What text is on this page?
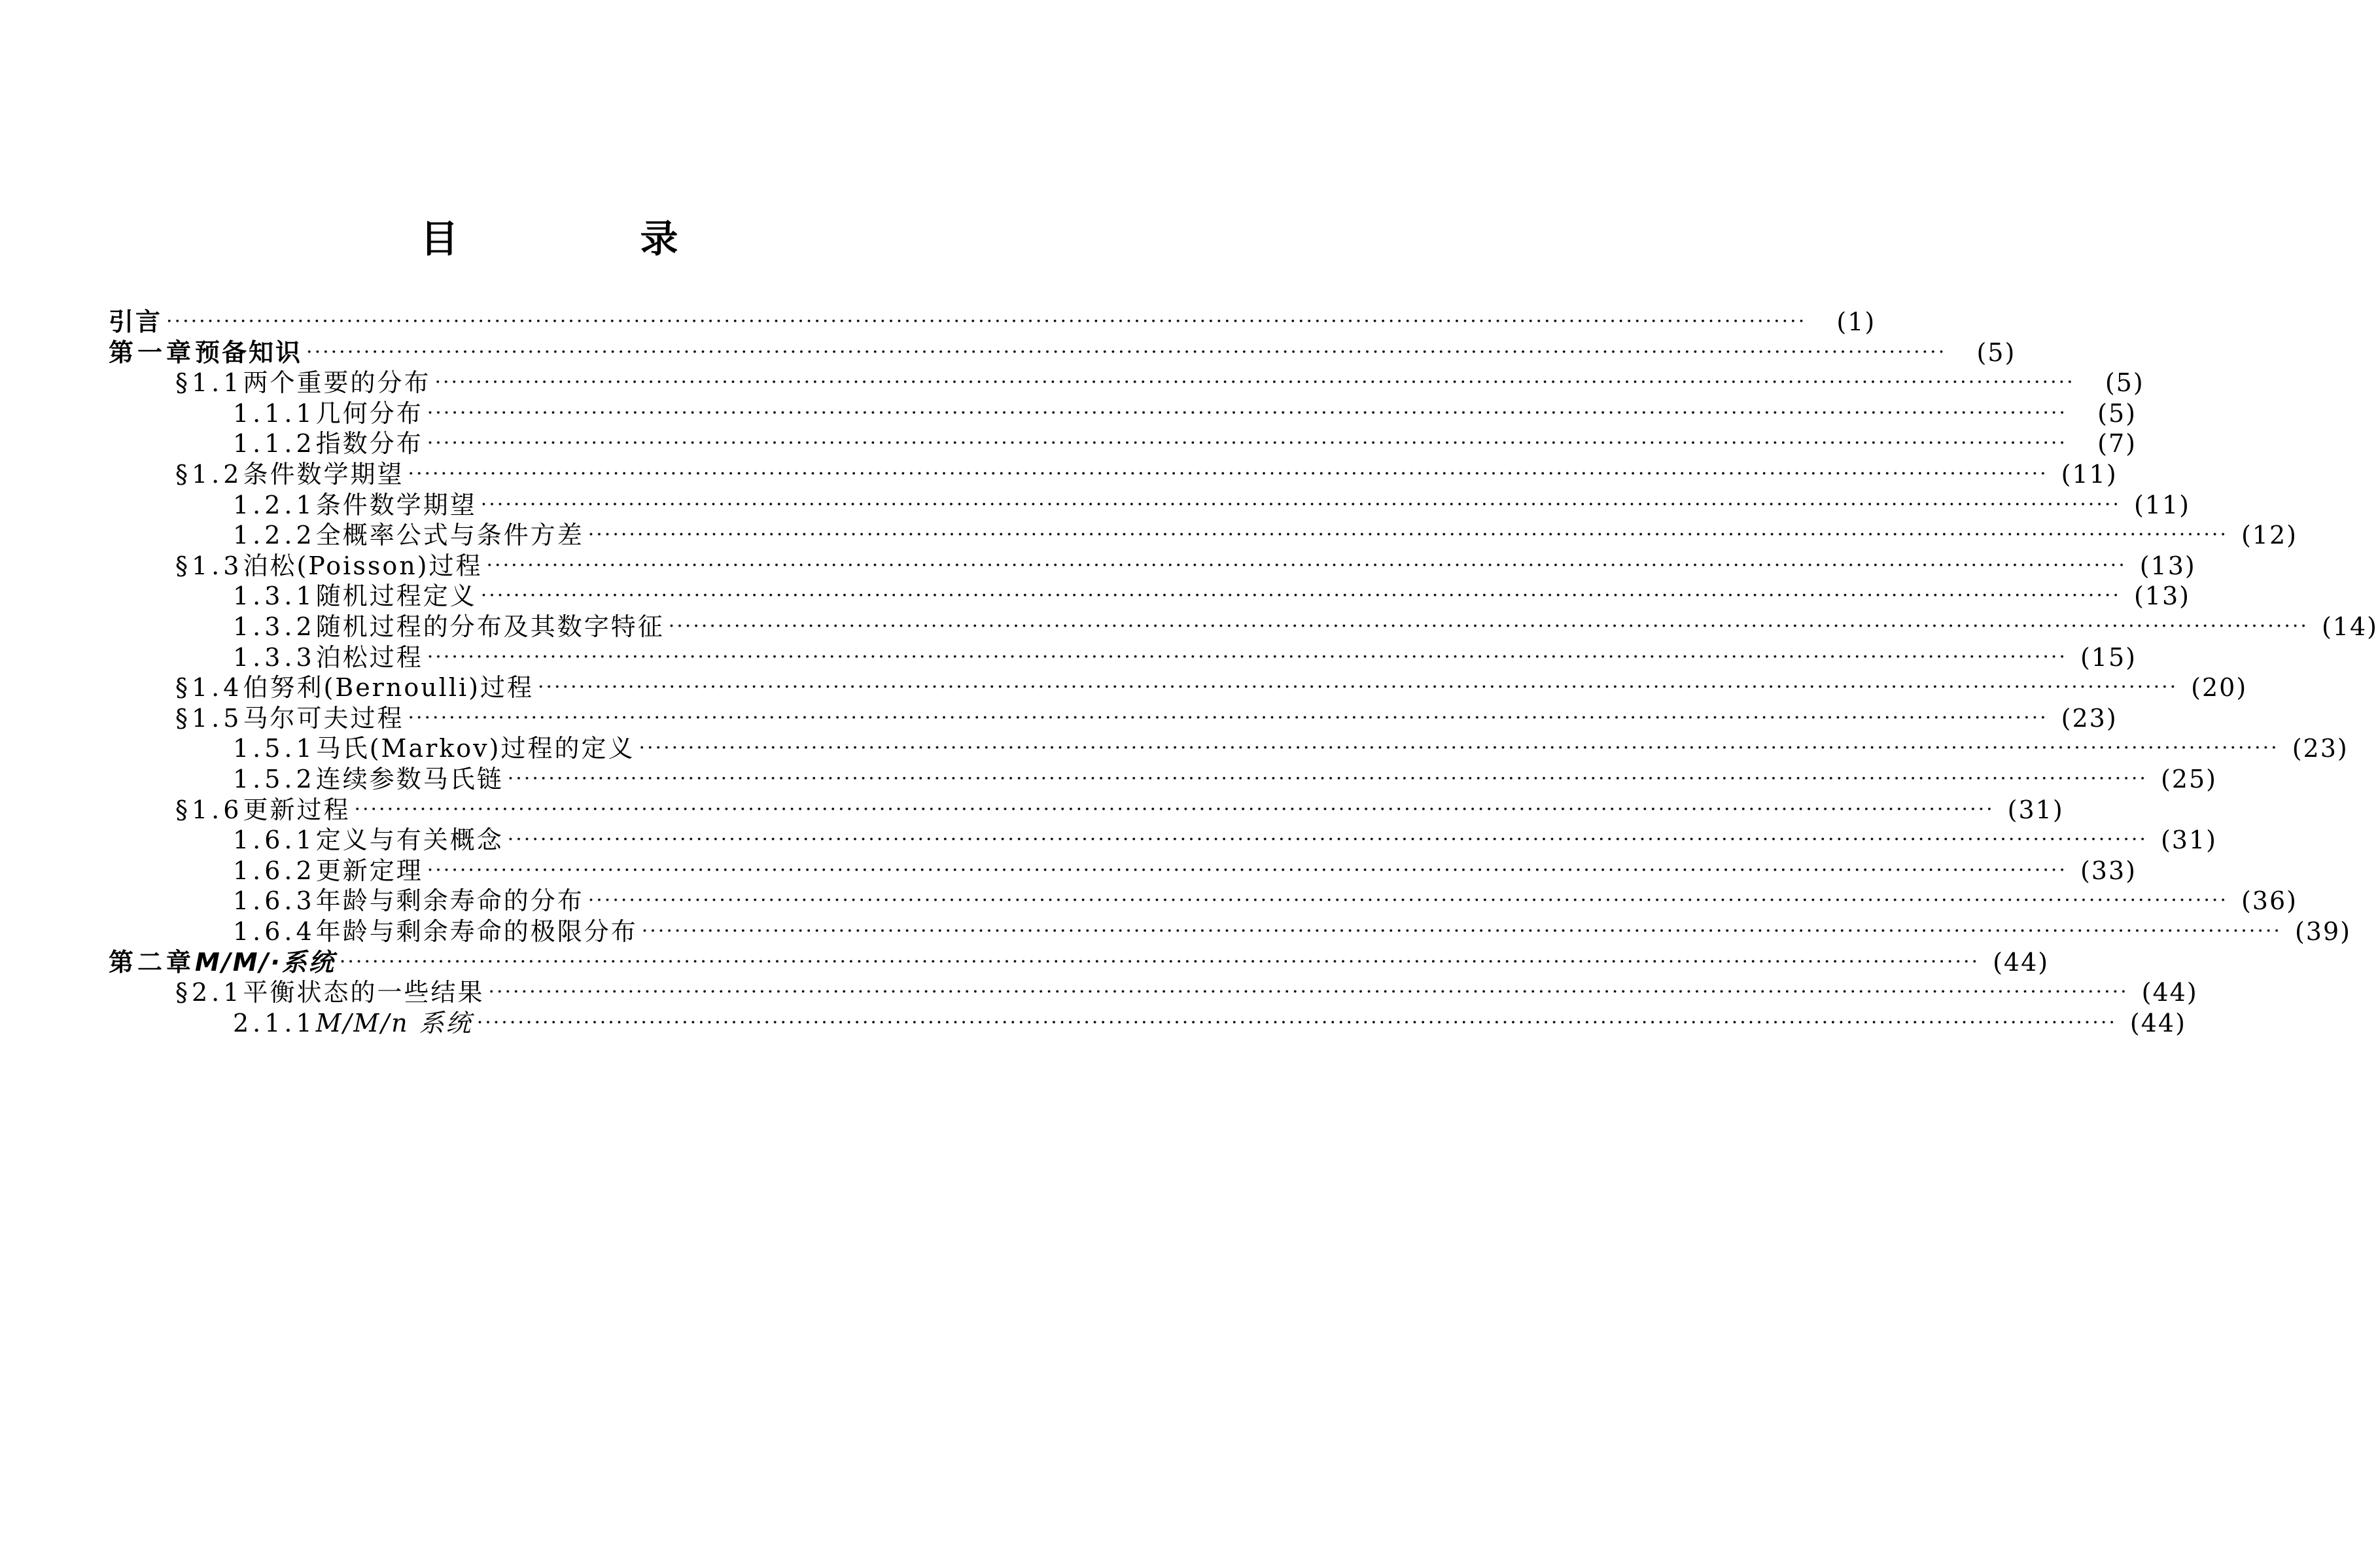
目　录
引言 ········································································································································································································	(1)
第一章 预备知识 ········································································································································································································	(5)
§1.1 两个重要的分布 ········································································································································································································	(5)
1.1.1 几何分布 ········································································································································································································	(5)
1.1.2 指数分布 ········································································································································································································	(7)
§1.2 条件数学期望 ········································································································································································································ (11)
1.2.1 条件数学期望 ········································································································································································································ (11)
1.2.2 全概率公式与条件方差 ········································································································································································································ (12)
§1.3 泊松(Poisson)过程 ········································································································································································································ (13)
1.3.1 随机过程定义 ········································································································································································································ (13)
1.3.2 随机过程的分布及其数字特征 ········································································································································································································ (14)
1.3.3 泊松过程 ········································································································································································································ (15)
§1.4 伯努利(Bernoulli)过程 ········································································································································································································ (20)
§1.5 马尔可夫过程 ········································································································································································································ (23)
1.5.1 马氏(Markov)过程的定义 ········································································································································································································ (23)
1.5.2 连续参数马氏链 ········································································································································································································ (25)
§1.6 更新过程 ········································································································································································································ (31)
1.6.1 定义与有关概念 ········································································································································································································ (31)
1.6.2 更新定理 ········································································································································································································ (33)
1.6.3 年龄与剩余寿命的分布 ········································································································································································································ (36)
1.6.4 年龄与剩余寿命的极限分布 ········································································································································································································ (39)
第二章 M/M/·系统 ········································································································································································································ (44)
§2.1 平衡状态的一些结果 ········································································································································································································ (44)
2.1.1 M/M/n 系统 ········································································································································································································ (44)
